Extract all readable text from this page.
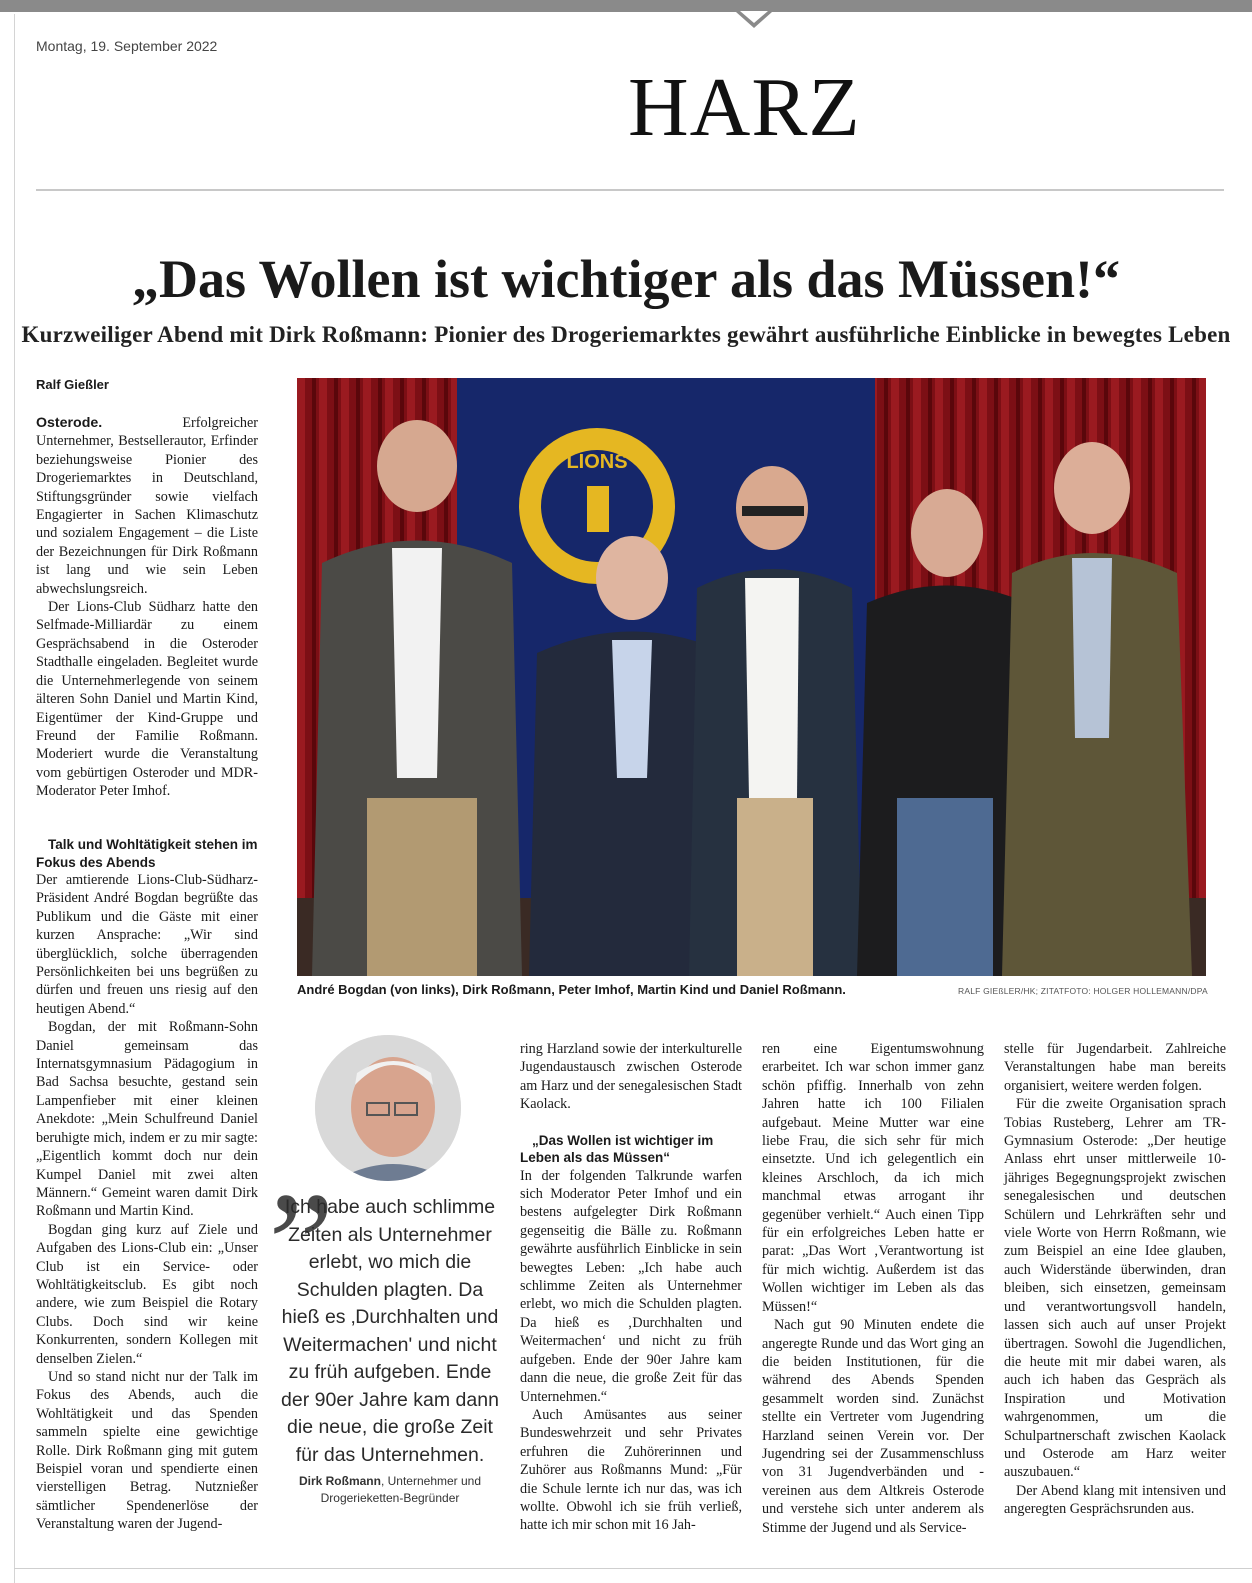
Montag, 19. September 2022
HARZ
„Das Wollen ist wichtiger als das Müssen!“
Kurzweiliger Abend mit Dirk Roßmann: Pionier des Drogeriemarktes gewährt ausführliche Einblicke in bewegtes Leben
Ralf Gießler

Osterode.	Erfolgreicher Unternehmer, Bestsellerautor, Erfinder beziehungsweise Pionier des Drogeriemarktes in Deutschland, Stiftungsgründer sowie vielfach Engagierter in Sachen Klimaschutz und sozialem Engagement – die Liste der Bezeichnungen für Dirk Roßmann ist lang und wie sein Leben abwechslungsreich.

Der Lions-Club Südharz hatte den Selfmade-Milliardär zu einem Gesprächsabend in die Osteroder Stadthalle eingeladen. Begleitet wurde die Unternehmerlegende von seinem älteren Sohn Daniel und Martin Kind, Eigentümer der Kind-Gruppe und Freund der Familie Roßmann. Moderiert wurde die Veranstaltung vom gebürtigen Osteroder und MDR-Moderator Peter Imhof.

Talk und Wohltätigkeit stehen im Fokus des Abends

Der amtierende Lions-Club-Südharz-Präsident André Bogdan begrüßte das Publikum und die Gäste mit einer kurzen Ansprache: „Wir sind überglücklich, solche überragenden Persönlichkeiten bei uns begrüßen zu dürfen und freuen uns riesig auf den heutigen Abend.“

Bogdan, der mit Roßmann-Sohn Daniel gemeinsam das Internatsgymnasium Pädagogium in Bad Sachsa besuchte, gestand sein Lampenfieber mit einer kleinen Anekdote: „Mein Schulfreund Daniel beruhigte mich, indem er zu mir sagte: „Eigentlich kommt doch nur dein Kumpel Daniel mit zwei alten Männern.“ Gemeint waren damit Dirk Roßmann und Martin Kind.

Bogdan ging kurz auf Ziele und Aufgaben des Lions-Club ein: „Unser Club ist ein Service- oder Wohltätigkeitsclub. Es gibt noch andere, wie zum Beispiel die Rotary Clubs. Doch sind wir keine Konkurrenten, sondern Kollegen mit denselben Zielen.“

Und so stand nicht nur der Talk im Fokus des Abends, auch die Wohltätigkeit und das Spenden sammeln spielte eine gewichtige Rolle. Dirk Roßmann ging mit gutem Beispiel voran und spendierte einen vierstelligen Betrag. Nutznießer sämtlicher Spendenerlöse der Veranstaltung waren der Jugend-

LIONS
André Bogdan (von links), Dirk Roßmann, Peter Imhof, Martin Kind und Daniel Roßmann.	RALF GIEßLER/HK; ZITATFOTO: HOLGER HOLLEMANN/DPA
”
Ich habe auch schlimme Zeiten als Unternehmer erlebt, wo mich die Schulden plagten. Da hieß es ‚Durchhalten und Weitermachen' und nicht zu früh aufgeben. Ende der 90er Jahre kam dann die neue, die große Zeit für das Unternehmen.
Dirk Roßmann, Unternehmer und Drogerieketten-Begründer

ring Harzland sowie der interkulturelle Jugendaustausch zwischen Osterode am Harz und der senegalesischen Stadt Kaolack.

„Das Wollen ist wichtiger im Leben als das Müssen“

In der folgenden Talkrunde warfen sich Moderator Peter Imhof und ein bestens aufgelegter Dirk Roßmann gegenseitig die Bälle zu. Roßmann gewährte ausführlich Einblicke in sein bewegtes Leben: „Ich habe auch schlimme Zeiten als Unternehmer erlebt, wo mich die Schulden plagten. Da hieß es ‚Durchhalten und Weitermachen‘ und nicht zu früh aufgeben. Ende der 90er Jahre kam dann die neue, die große Zeit für das Unternehmen.“

Auch Amüsantes aus seiner Bundeswehrzeit und sehr Privates erfuhren die Zuhörerinnen und Zuhörer aus Roßmanns Mund: „Für die Schule lernte ich nur das, was ich wollte. Obwohl ich sie früh verließ, hatte ich mir schon mit 16 Jah-

ren eine Eigentumswohnung erarbeitet. Ich war schon immer ganz schön pfiffig. Innerhalb von zehn Jahren hatte ich 100 Filialen aufgebaut. Meine Mutter war eine liebe Frau, die sich sehr für mich einsetzte. Und ich gelegentlich ein kleines Arschloch, da ich mich manchmal etwas arrogant ihr gegenüber verhielt.“ Auch einen Tipp für ein erfolgreiches Leben hatte er parat: „Das Wort ‚Verantwortung ist für mich wichtig. Außerdem ist das Wollen wichtiger im Leben als das Müssen!“

Nach gut 90 Minuten endete die angeregte Runde und das Wort ging an die beiden Institutionen, für die während des Abends Spenden gesammelt worden sind. Zunächst stellte ein Vertreter vom Jugendring Harzland seinen Verein vor. Der Jugendring sei der Zusammenschluss von 31 Jugendverbänden und -vereinen aus dem Altkreis Osterode und verstehe sich unter anderem als Stimme der Jugend und als Service-

stelle für Jugendarbeit. Zahlreiche Veranstaltungen habe man bereits organisiert, weitere werden folgen.

Für die zweite Organisation sprach Tobias Rusteberg, Lehrer am TR-Gymnasium Osterode: „Der heutige Anlass ehrt unser mittlerweile 10-jähriges Begegnungsprojekt zwischen senegalesischen und deutschen Schülern und Lehrkräften sehr und viele Worte von Herrn Roßmann, wie zum Beispiel an eine Idee glauben, auch Widerstände überwinden, dran bleiben, sich einsetzen, gemeinsam und verantwortungsvoll handeln, lassen sich auch auf unser Projekt übertragen. Sowohl die Jugendlichen, die heute mit mir dabei waren, als auch ich haben das Gespräch als Inspiration und Motivation wahrgenommen, um die Schulpartnerschaft zwischen Kaolack und Osterode am Harz weiter auszubauen.“

Der Abend klang mit intensiven und angeregten Gesprächsrunden aus.
